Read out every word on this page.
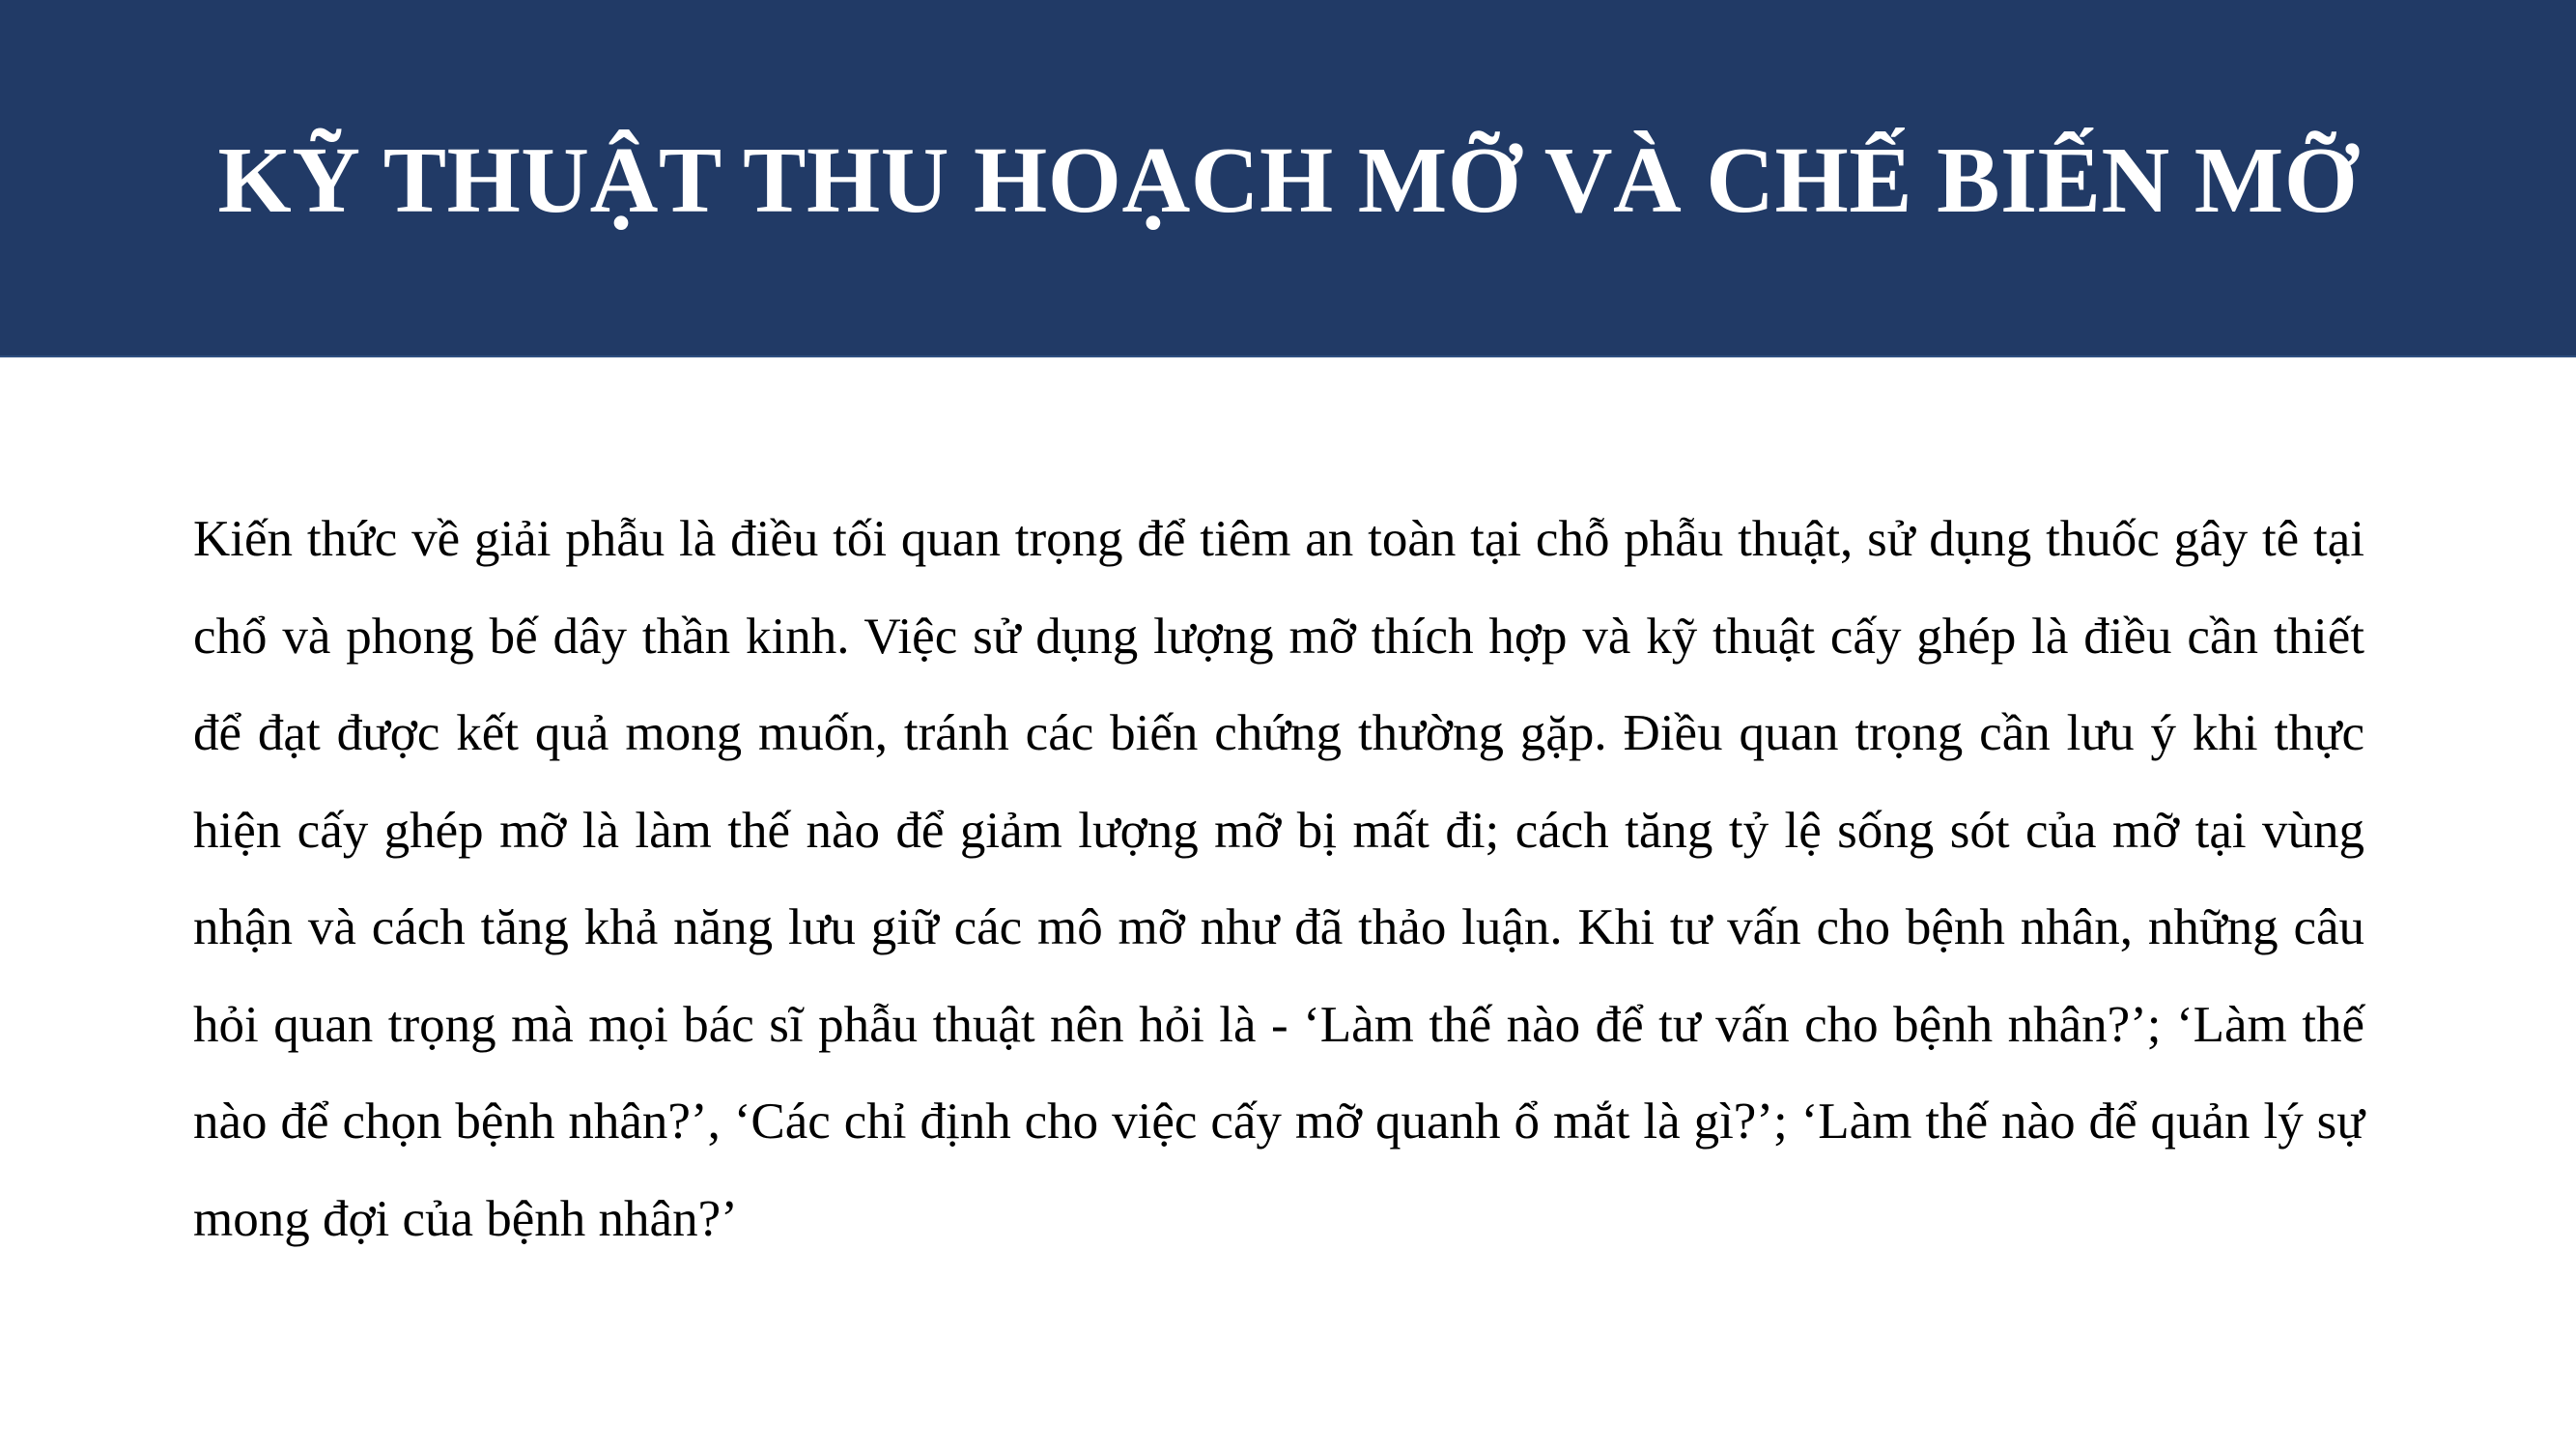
KỸ THUẬT THU HOẠCH MỠ VÀ CHẾ BIẾN MỠ

Kiến thức về giải phẫu là điều tối quan trọng để tiêm an toàn tại chỗ phẫu thuật, sử dụng thuốc gây tê tại chổ và phong bế dây thần kinh. Việc sử dụng lượng mỡ thích hợp và kỹ thuật cấy ghép là điều cần thiết để đạt được kết quả mong muốn, tránh các biến chứng thường gặp. Điều quan trọng cần lưu ý khi thực hiện cấy ghép mỡ là làm thế nào để giảm lượng mỡ bị mất đi; cách tăng tỷ lệ sống sót của mỡ tại vùng nhận và cách tăng khả năng lưu giữ các mô mỡ như đã thảo luận. Khi tư vấn cho bệnh nhân, những câu hỏi quan trọng mà mọi bác sĩ phẫu thuật nên hỏi là - ‘Làm thế nào để tư vấn cho bệnh nhân?’; ‘Làm thế nào để chọn bệnh nhân?’, ‘Các chỉ định cho việc cấy mỡ quanh ổ mắt là gì?’; ‘Làm thế nào để quản lý sự mong đợi của bệnh nhân?’
